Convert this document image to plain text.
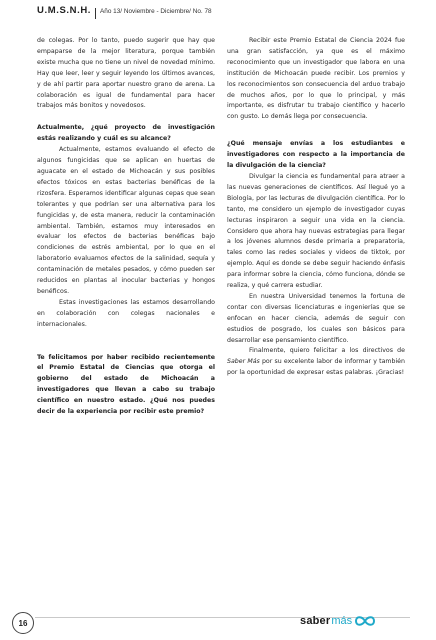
U.M.S.N.H. Año 13/ Noviembre - Diciembre/ No. 78

de colegas. Por lo tanto, puedo sugerir que hay que empaparse de la mejor literatura, porque también existe mucha que no tiene un nivel de novedad mínimo. Hay que leer, leer y seguir leyendo los últimos avances, y de ahí partir para aportar nuestro grano de arena. La colaboración es igual de fundamental para hacer trabajos más bonitos y novedosos.

Actualmente, ¿qué proyecto de investigación estás realizando y cuál es su alcance?

Actualmente, estamos evaluando el efecto de algunos fungicidas que se aplican en huertas de aguacate en el estado de Michoacán y sus posibles efectos tóxicos en estas bacterias benéficas de la rizosfera. Esperamos identificar algunas cepas que sean tolerantes y que podrían ser una alternativa para los fungicidas y, de esta manera, reducir la contaminación ambiental. También, estamos muy interesados en evaluar los efectos de bacterias benéficas bajo condiciones de estrés ambiental, por lo que en el laboratorio evaluamos efectos de la salinidad, sequía y contaminación de metales pesados, y cómo pueden ser reducidos en plantas al inocular bacterias y hongos benéficos.

Estas investigaciones las estamos desarrollando en colaboración con colegas nacionales e internacionales.

Te felicitamos por haber recibido recientemente el Premio Estatal de Ciencias que otorga el gobierno del estado de Michoacán a investigadores que llevan a cabo su trabajo científico en nuestro estado. ¿Qué nos puedes decir de la experiencia por recibir este premio?

Recibir este Premio Estatal de Ciencia 2024 fue una gran satisfacción, ya que es el máximo reconocimiento que un investigador que labora en una institución de Michoacán puede recibir. Los premios y los reconocimientos son consecuencia del arduo trabajo de muchos años, por lo que lo principal, y más importante, es disfrutar tu trabajo científico y hacerlo con gusto. Lo demás llega por consecuencia.

¿Qué mensaje envías a los estudiantes e investigadores con respecto a la importancia de la divulgación de la ciencia?

Divulgar la ciencia es fundamental para atraer a las nuevas generaciones de científicos. Así llegué yo a Biología, por las lecturas de divulgación científica. Por lo tanto, me considero un ejemplo de investigador cuyas lecturas inspiraron a seguir una vida en la ciencia. Considero que ahora hay nuevas estrategias para llegar a los jóvenes alumnos desde primaria a preparatoria, tales como las redes sociales y videos de tiktok, por ejemplo. Aquí es donde se debe seguir haciendo énfasis para informar sobre la ciencia, cómo funciona, dónde se realiza, y qué carrera estudiar.

En nuestra Universidad tenemos la fortuna de contar con diversas licenciaturas e ingenierías que se enfocan en hacer ciencia, además de seguir con estudios de posgrado, los cuales son básicos para desarrollar ese pensamiento científico.

Finalmente, quiero felicitar a los directivos de Saber Más por su excelente labor de informar y también por la oportunidad de expresar estas palabras. ¡Gracias!

16	saber más
